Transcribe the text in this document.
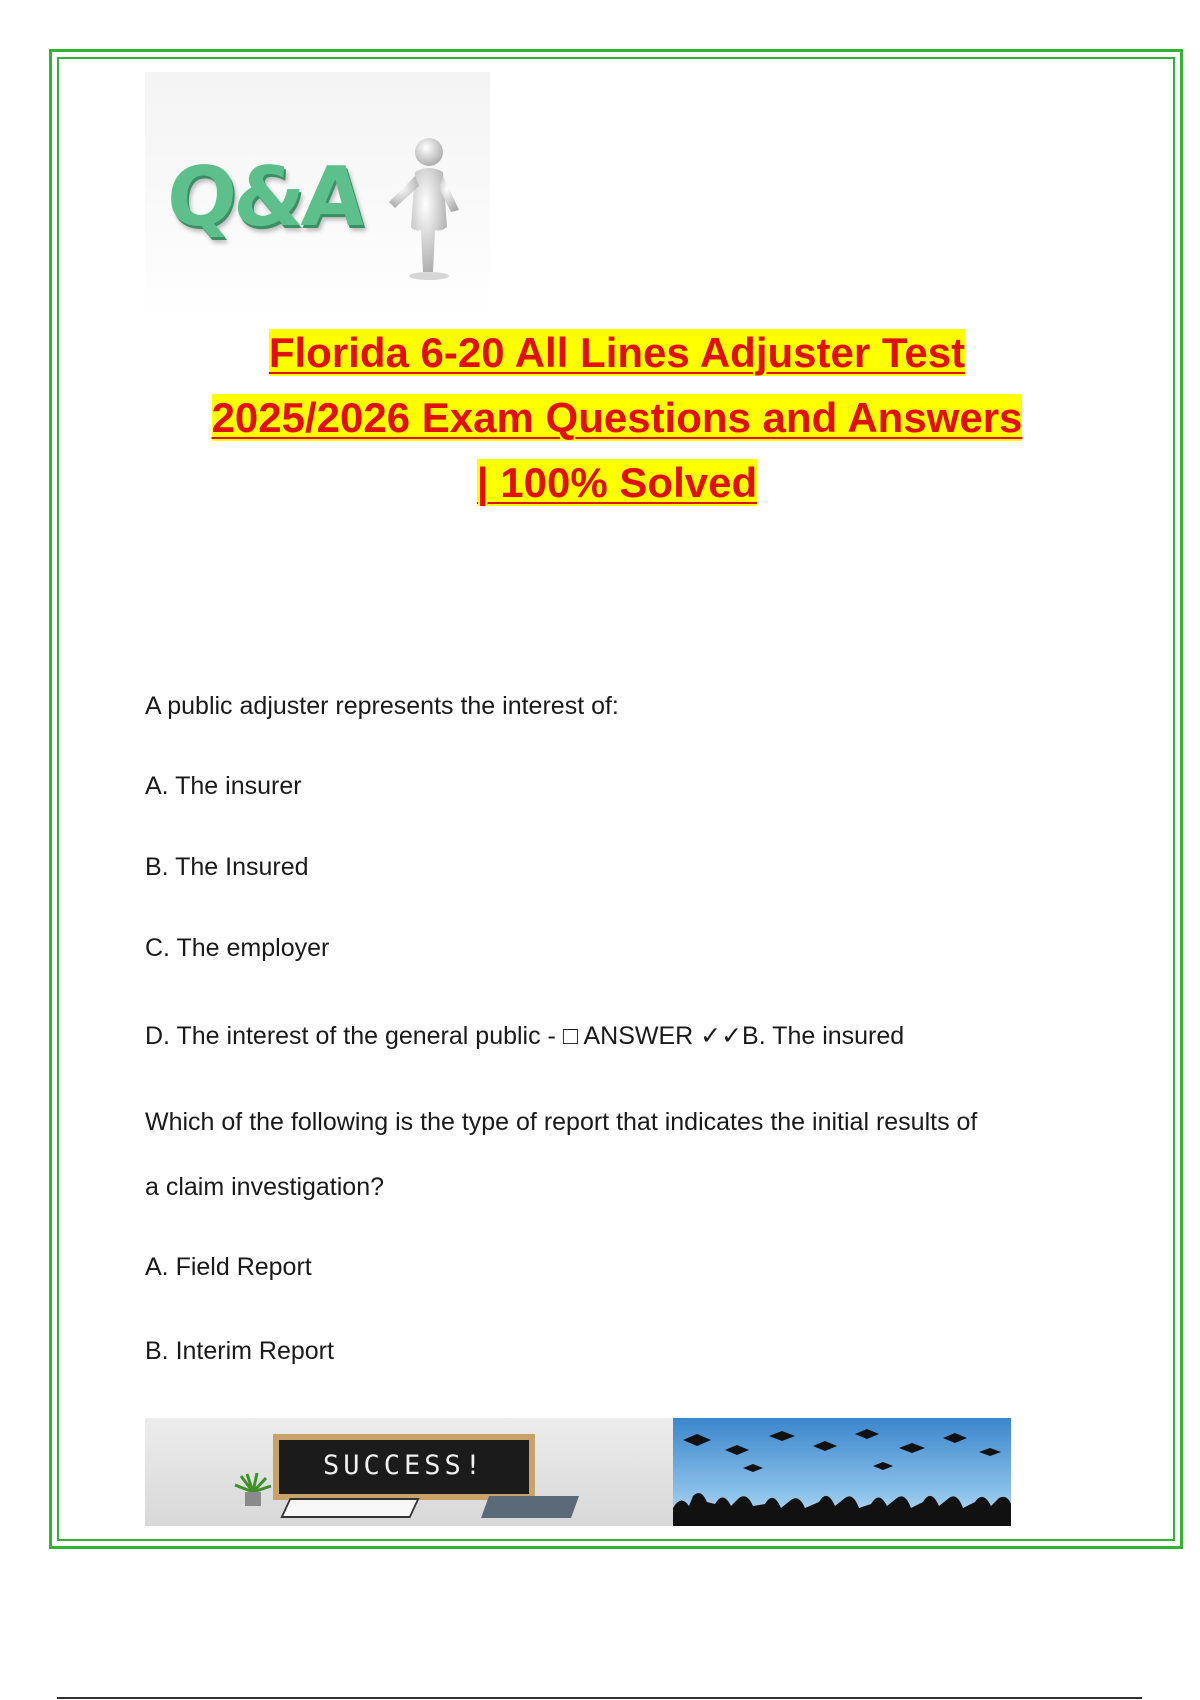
Q&A
Florida 6-20 All Lines Adjuster Test
2025/2026 Exam Questions and Answers
| 100% Solved
A public adjuster represents the interest of:
A. The insurer
B. The Insured
C. The employer
D. The interest of the general public - □ ANSWER ✓✓B. The insured
Which of the following is the type of report that indicates the initial results of
a claim investigation?
A. Field Report
B. Interim Report
SUCCESS!
